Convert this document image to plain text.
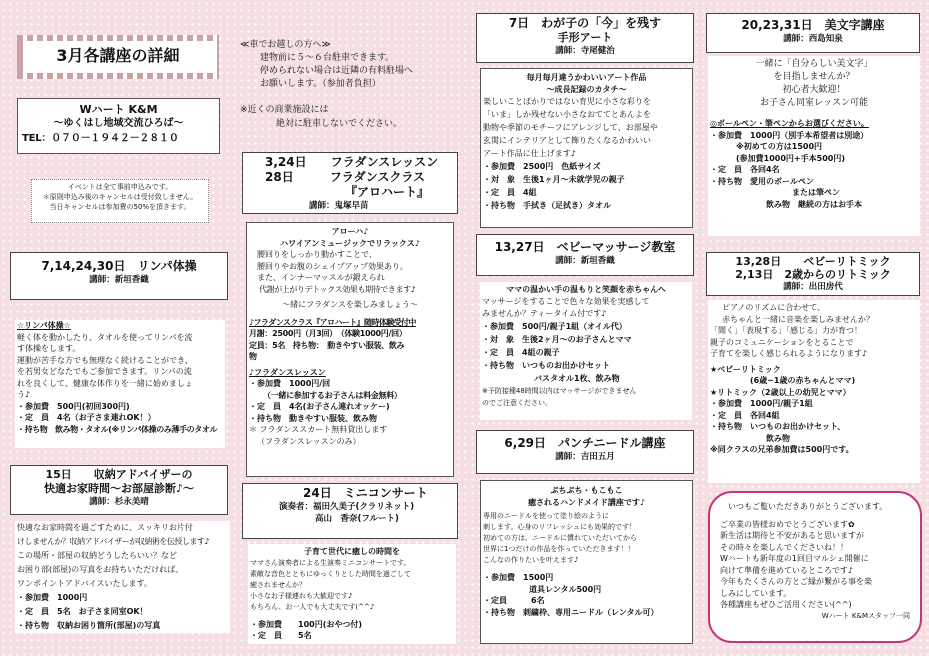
3月各講座の詳細
Wハート K&M
～ゆくはし地域交流ひろば～
TEL：０７０－１９４２－２８１０
イベントは全て事前申込みです。
＊原則申込み後のキャンセルは受付致しません。
当日キャンセルは参加費の50%を頂きます。
≪車でお越しの方へ≫
建物前に５～６台駐車できます。
停められない場合は近隣の有料駐場へ
お願いします。（参加者負担）
※近くの商業施設には
絶対に駐車しないでください。
7,14,24,30日　リンパ体操
講師：新垣香織
☆リンパ体操☆
軽く体を動かしたり、タオルを使ってリンパを流
す体操をします。
運動が苦手な方でも無理なく続けることができ、
を若男女どなたでもご参加できます。リンパの流
れを良くして、健康な体作りを一緒に始めましょ
う♪
・参加費　500円(初回300円)
・定　員　4名（お子さま連れOK！）
・持ち物　飲み物・タオル(※リンパ体操のみ薄手のタオル
15日　　収納アドバイザーの
快適お家時間～お部屋診断♪～
講師：杉永美晴
快適なお家時間を過ごすために、スッキリお片付
けしませんか？収納アドバイザーが収納術を伝授します♪
この場所・部屋の収納どうしたらいい？など
お困り部(部屋)の写真をお持ちいただければ、
ワンポイントアドバイスいたします。
・参加費　1000円
・定　員　5名　お子さま同室OK！
・持ち物　収納お困り箇所(部屋)の写真
3,24日　　フラダンスレッスン
28日　　　フラダンスクラス
『アロハート』
講師：鬼塚早苗
アローハ♪
ハワイアンミュージックでリラックス♪
腰回りをしっかり動かすことで、
腰回りやお腹のシェイプアップ効果あり。
また、インナーマッスルが鍛えられ
代謝が上がりデトックス効果も期待できます♪
～緒にフラダンスを楽しみましょう～
♪フラダンスクラス『アロハート』随時体験受付中
月謝：2500円（月3回）　（体験1000円/回）
定員：5名　持ち物：　動きやすい服装、飲み
物
♪フラダンスレッスン
・参加費　1000円/回
（一緒に参加するお子さんは料金無料）
・定　員　4名(お子さん連れオッケー)
・持ち物　動きやすい服装、飲み物
＊ フラダンススカート無料貸出します
（フラダンスレッスンのみ）
24日　ミニコンサート
演奏者：福田久美子(クラリネット)
高山　香奈(フルート)
子育て世代に癒しの時間を
ママさん演奏者による生演奏ミニコンサートです。
素敵な音色とともにゆっくりとした時間を過ごして
癒されませんか？
小さなお子様連れも大歓迎です♪
もちろん、お一人でも大丈夫です(^^♪
・参加費　　100円(おやつ付)
・定　員　　5名
7日　わが子の「今」を残す
手形アート
講師：寺尾健治
毎月毎月違うかわいいアート作品
～成長記録のカタチ～
楽しいことばかりではない育児に小さな彩りを
「いま」しか残せない小さなおててとあんよを
動物や季節のモチーフにアレンジして、お部屋や
玄関にインテリアとして飾りたくなるかわいい
アート作品に仕上げます♪
・参加費　2500円　色紙サイズ
・対　象　生後1ヶ月～未就学児の親子
・定　員　4組
・持ち物　手拭き（足拭き）タオル
13,27日　ベビーマッサージ教室
講師：新垣香織
ママの温かい手の温もりと笑顔を赤ちゃんへ
マッサージをすることで色々な効果を実感して
みませんか？ティータイム付です♪
・参加費　500円/親子1組（オイル代）
・対　象　生後2ヶ月～のお子さんとママ
・定　員　4組の親子
・持ち物　いつものお出かけセット
バスタオル1枚、飲み物
※予防接種48時間以内はマッサージができません
のでご注意ください。
6,29日　パンチニードル講座
講師：吉田五月
ぷちぷち・もこもこ
癒されるハンドメイド講座です♪
専用のニードルを使って塗り絵のように
刺します。心身のリフレッシュにも効果的です！
初めての方は、ニードルに慣れていただいてから
世界に1つだけの作品を作っていただきます！！
こんなの作りたいを叶えます♪
・参加費　1500円
道具レンタル500円
・定員　　　6名
・持ち物　刺繍枠、専用ニードル（レンタル可）
20,23,31日　美文字講座
講師：西島知泉
一緒に「自分らしい美文字」
を目指しませんか？
初心者大歓迎！
お子さん同室レッスン可能
◎ボールペン・筆ペンからお選びください。
・参加費　1000円（別手本希望者は別途）
※初めての方は1500円
(参加費1000円+手本500円)
・定　員　各回4名
・持ち物　愛用のボールペン
または筆ペン
飲み物　継続の方はお手本
13,28日　　ベビーリトミック
2,13日　2歳からのリトミック
講師：出田房代
ピアノのリズムに合わせて、
赤ちゃんと一緒に音楽を楽しみませんか？
「聞く」「表現する」「感じる」力が育つ！
親子のコミュニケーションをとることで
子育てを楽しく感じられるようになります♪
★ベビーリトミック
(6歳~1歳の赤ちゃんとママ)
★リトミック（2歳以上の幼児とママ）
・参加費　1000円/親子1組
・定　員　各回4組
・持ち物　いつものお出かけセット、
飲み物
※同クラスの兄弟参加費は500円です。
いつもご覧いただきありがとうございます。
ご卒業の皆様おめでとうございます✿
新生活は期待と不安があると思いますが
その時々を楽しんでくださいね！！
Wハートも新年度の1回目マルシェ開催に
向けて準備を進めているところです♪
今年もたくさんの方とご縁が繋がる事を楽
しみにしています。
各種講座もぜひご活用ください(^^)
Wハート K&Mスタッフ一同
